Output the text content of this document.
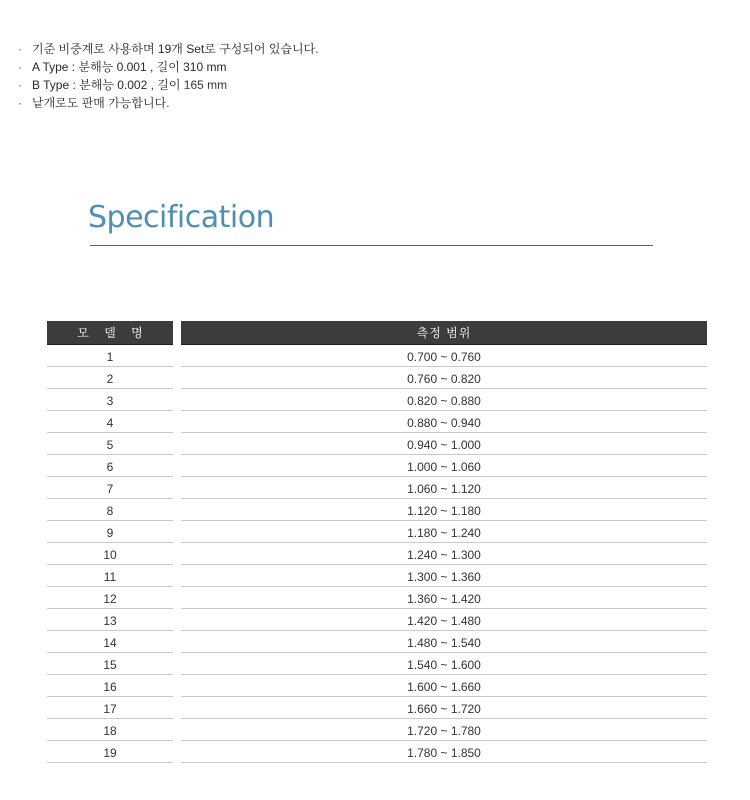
· 기준 비중계로 사용하며 19개 Set로 구성되어 있습니다.
· A Type : 분해능 0.001 , 길이 310 mm
· B Type : 분해능 0.002 , 길이 165 mm
· 낱개로도 판매 가능합니다.
Specification
모 델 명	측정 범위
1	0.700 ~ 0.760
2	0.760 ~ 0.820
3	0.820 ~ 0.880
4	0.880 ~ 0.940
5	0.940 ~ 1.000
6	1.000 ~ 1.060
7	1.060 ~ 1.120
8	1.120 ~ 1.180
9	1.180 ~ 1.240
10	1.240 ~ 1.300
11	1.300 ~ 1.360
12	1.360 ~ 1.420
13	1.420 ~ 1.480
14	1.480 ~ 1.540
15	1.540 ~ 1.600
16	1.600 ~ 1.660
17	1.660 ~ 1.720
18	1.720 ~ 1.780
19	1.780 ~ 1.850
